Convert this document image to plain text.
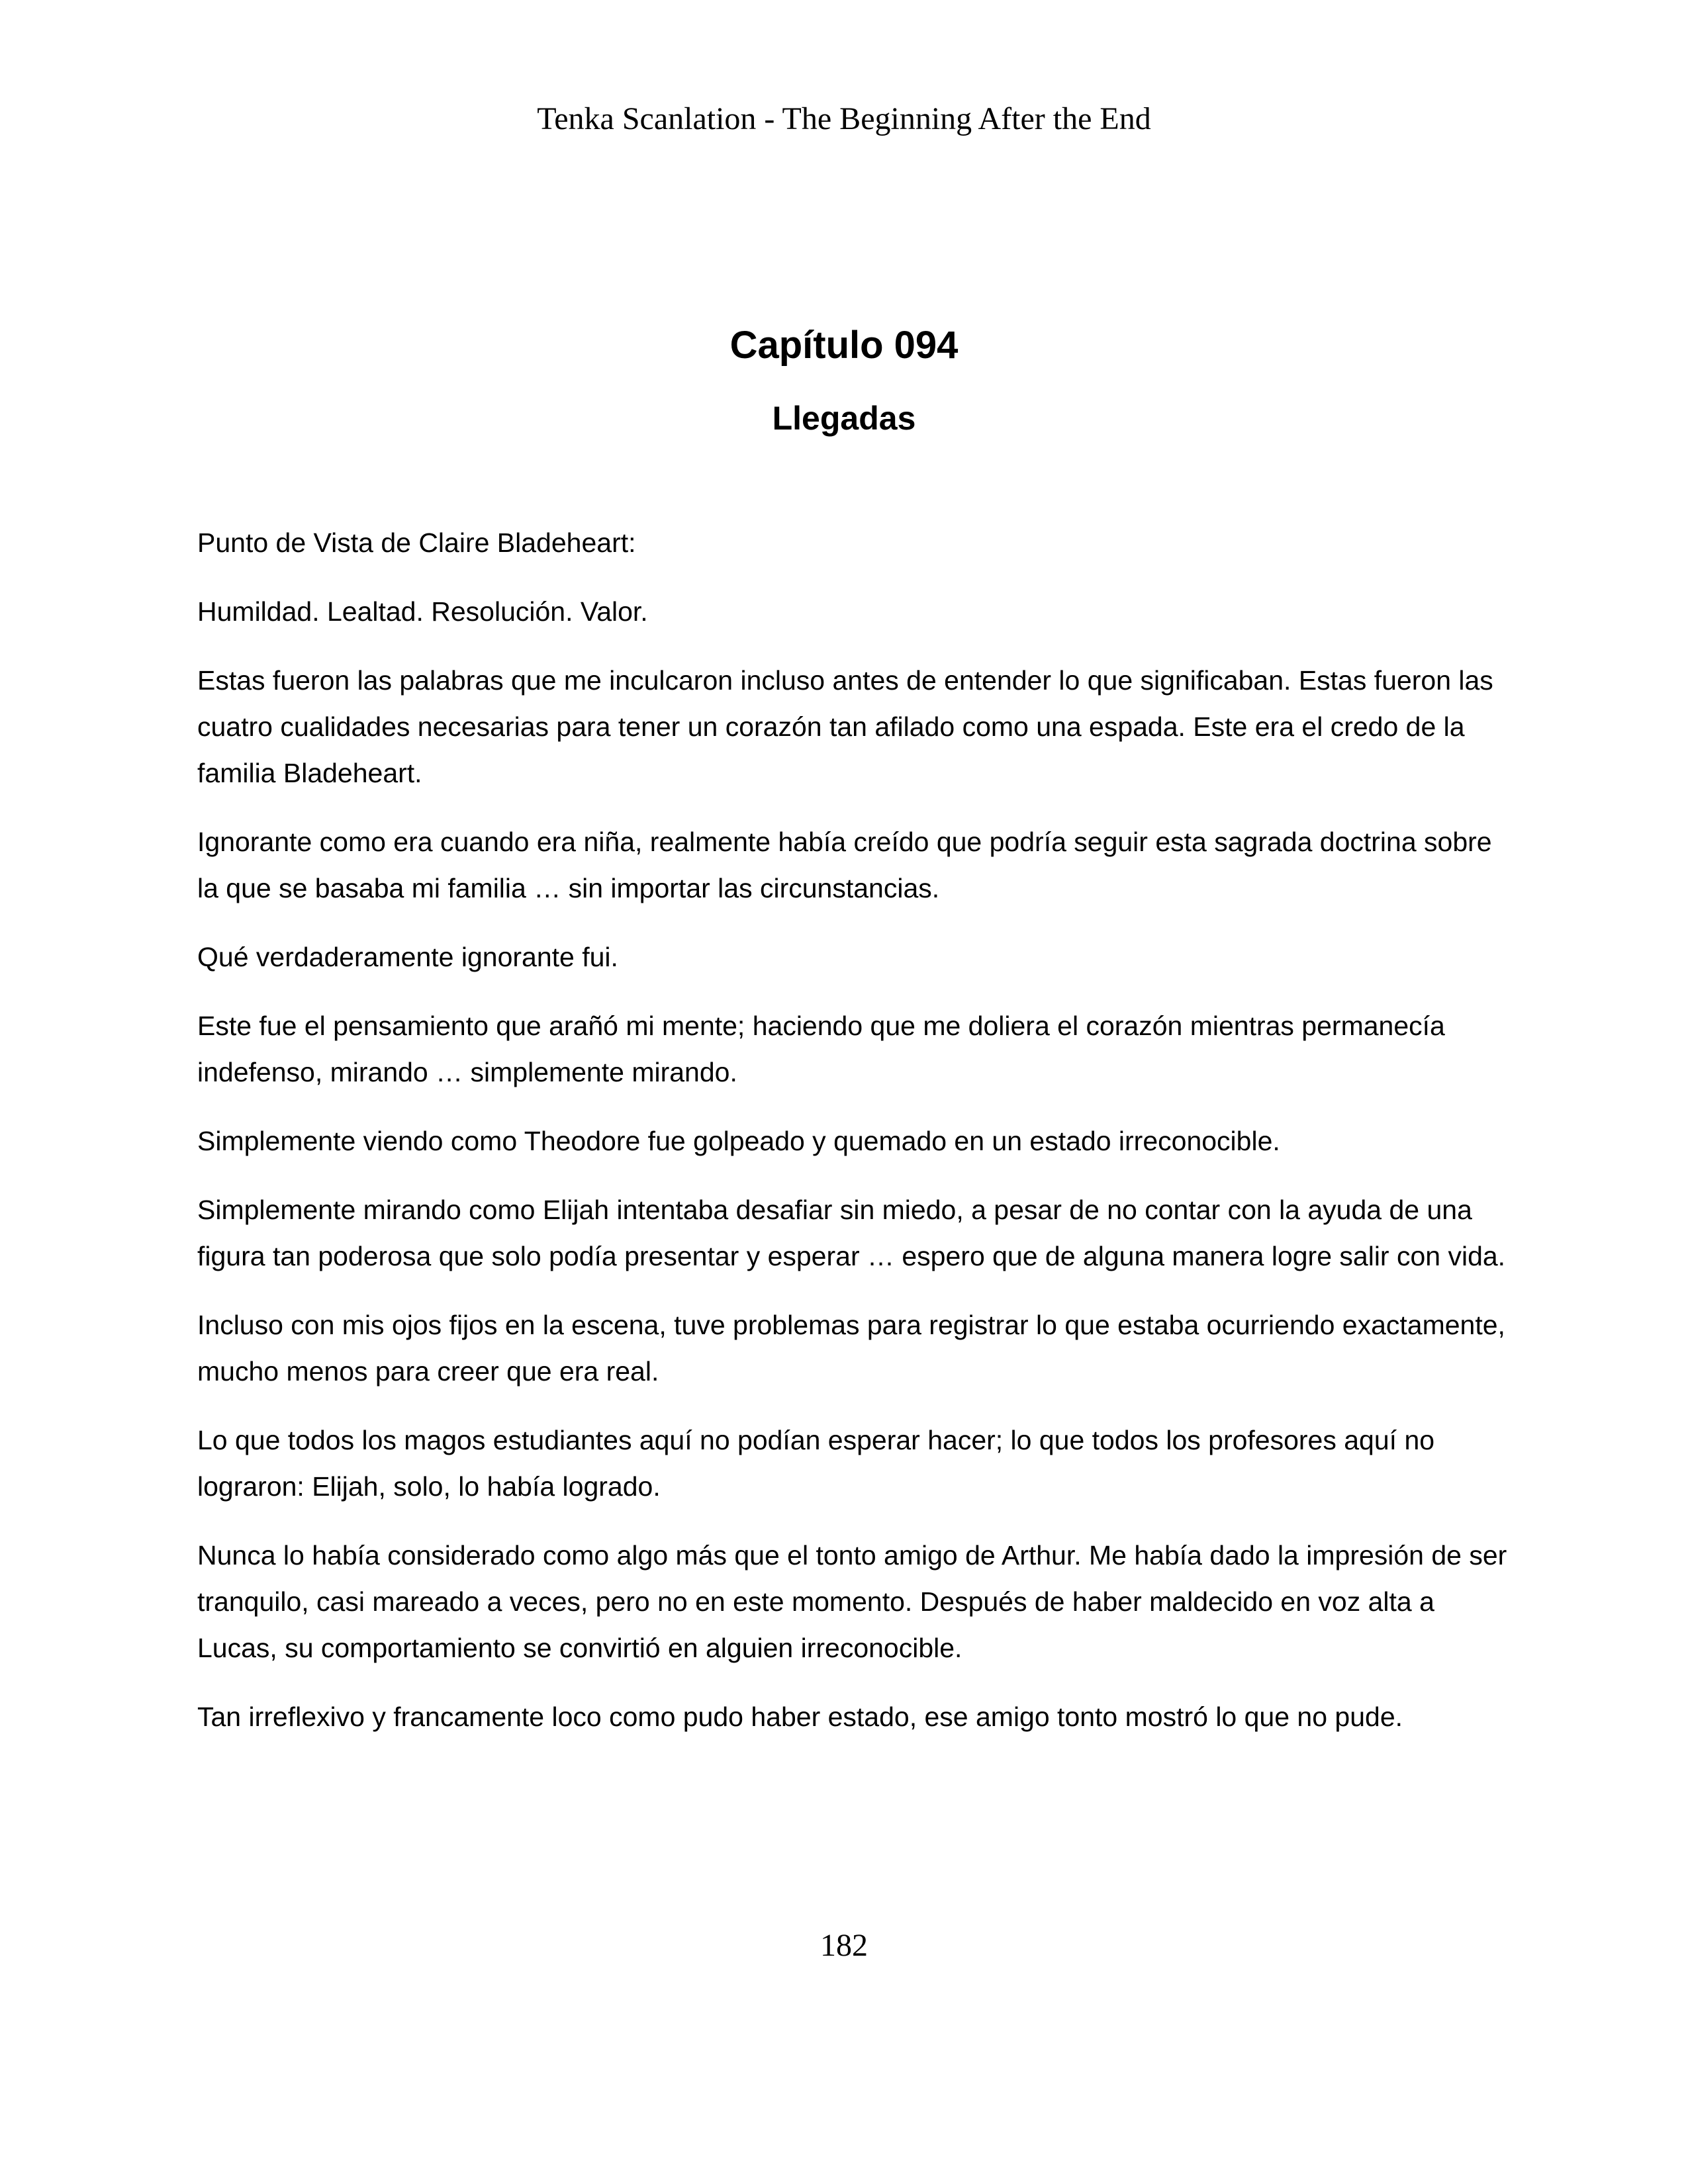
Tenka Scanlation - The Beginning After the End
Capítulo 094
Llegadas

Punto de Vista de Claire Bladeheart:

Humildad. Lealtad. Resolución. Valor.

Estas fueron las palabras que me inculcaron incluso antes de entender lo que significaban. Estas fueron las cuatro cualidades necesarias para tener un corazón tan afilado como una espada. Este era el credo de la familia Bladeheart.

Ignorante como era cuando era niña, realmente había creído que podría seguir esta sagrada doctrina sobre la que se basaba mi familia … sin importar las circunstancias.

Qué verdaderamente ignorante fui.

Este fue el pensamiento que arañó mi mente; haciendo que me doliera el corazón mientras permanecía indefenso, mirando … simplemente mirando.

Simplemente viendo como Theodore fue golpeado y quemado en un estado irreconocible.

Simplemente mirando como Elijah intentaba desafiar sin miedo, a pesar de no contar con la ayuda de una figura tan poderosa que solo podía presentar y esperar … espero que de alguna manera logre salir con vida.

Incluso con mis ojos fijos en la escena, tuve problemas para registrar lo que estaba ocurriendo exactamente, mucho menos para creer que era real.

Lo que todos los magos estudiantes aquí no podían esperar hacer; lo que todos los profesores aquí no lograron: Elijah, solo, lo había logrado.

Nunca lo había considerado como algo más que el tonto amigo de Arthur. Me había dado la impresión de ser tranquilo, casi mareado a veces, pero no en este momento. Después de haber maldecido en voz alta a Lucas, su comportamiento se convirtió en alguien irreconocible.

Tan irreflexivo y francamente loco como pudo haber estado, ese amigo tonto mostró lo que no pude.

182
